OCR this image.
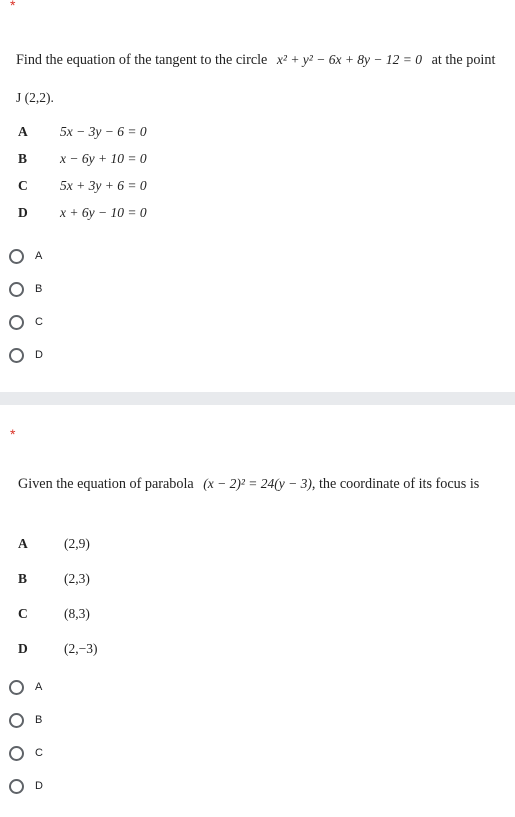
*
Find the equation of the tangent to the circle x² + y² − 6x + 8y − 12 = 0 at the point
J (2,2).
A 5x − 3y − 6 = 0
B x − 6y + 10 = 0
C 5x + 3y + 6 = 0
D x + 6y − 10 = 0
A
B
C
D
*
Given the equation of parabola (x − 2)² = 24(y − 3), the coordinate of its focus is
A	(2,9)
B	(2,3)
C	(8,3)
D	(2,−3)
A
B
C
D
